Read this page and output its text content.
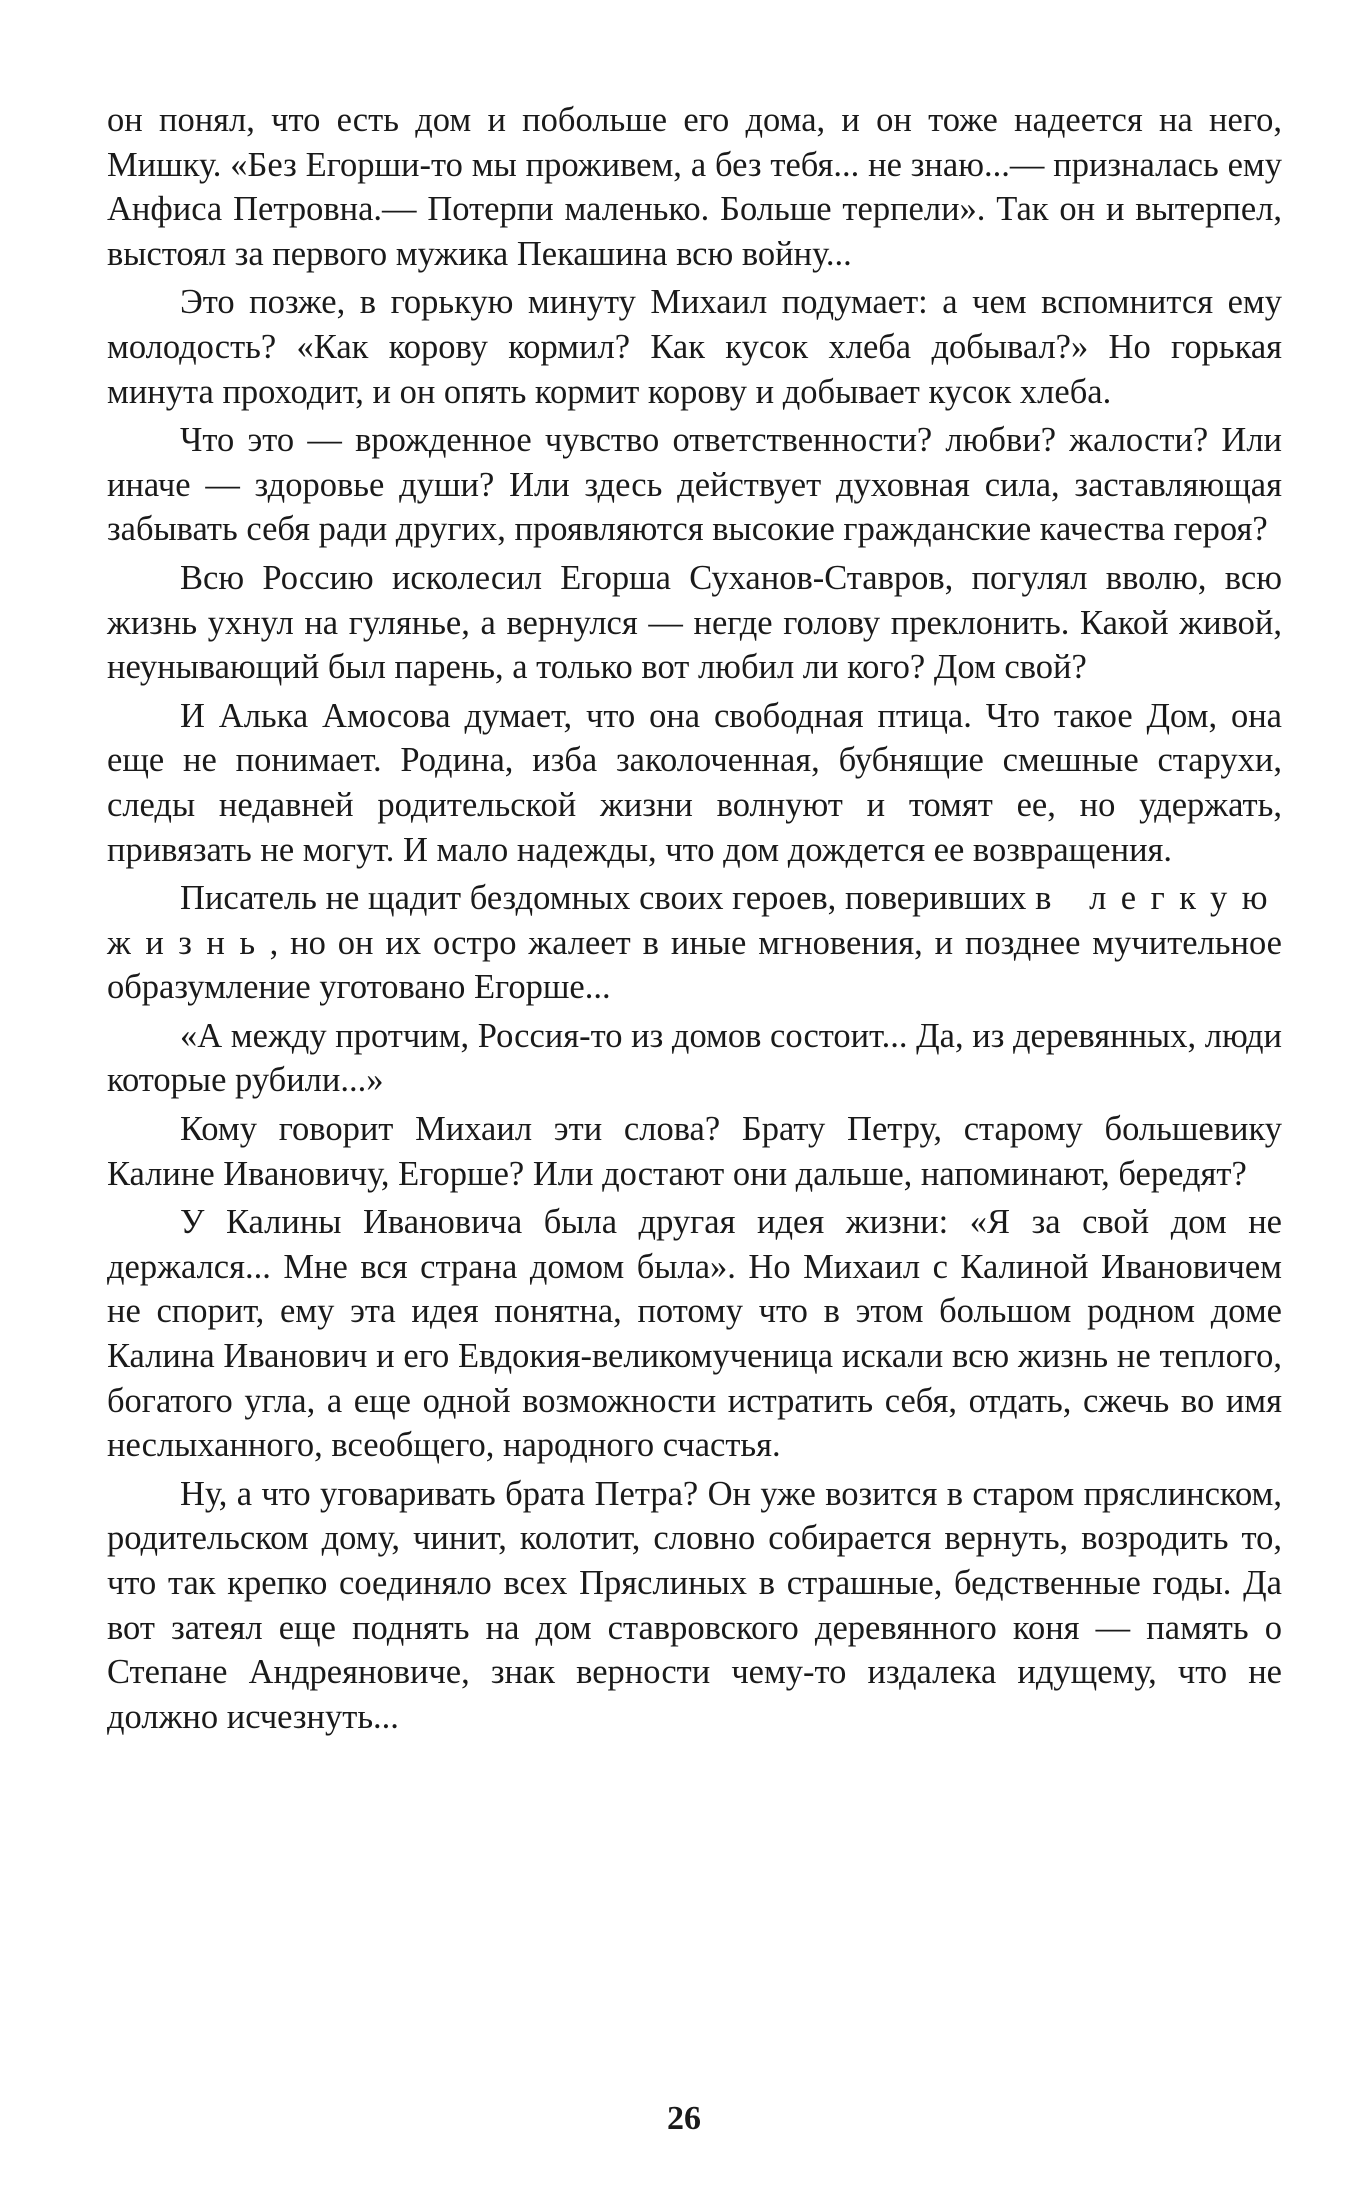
он понял, что есть дом и побольше его дома, и он тоже надеется на него, Мишку. «Без Егорши-то мы проживем, а без тебя... не знаю...— призналась ему Анфиса Петровна.— Потерпи маленько. Больше терпели». Так он и вытерпел, выстоял за первого мужика Пекашина всю войну...

Это позже, в горькую минуту Михаил подумает: а чем вспомнится ему молодость? «Как корову кормил? Как кусок хлеба добывал?» Но горькая минута проходит, и он опять кормит корову и добывает кусок хлеба.

Что это — врожденное чувство ответственности? любви? жалости? Или иначе — здоровье души? Или здесь действует духовная сила, заставляющая забывать себя ради других, проявляются высокие гражданские качества героя?

Всю Россию исколесил Егорша Суханов-Ставров, погулял вволю, всю жизнь ухнул на гулянье, а вернулся — негде голову преклонить. Какой живой, неунывающий был парень, а только вот любил ли кого? Дом свой?

И Алька Амосова думает, что она свободная птица. Что такое Дом, она еще не понимает. Родина, изба заколоченная, бубнящие смешные старухи, следы недавней родительской жизни волнуют и томят ее, но удержать, привязать не могут. И мало надежды, что дом дождется ее возвращения.

Писатель не щадит бездомных своих героев, поверивших в легкую жизнь, но он их остро жалеет в иные мгновения, и позднее мучительное образумление уготовано Егорше...

«А между протчим, Россия-то из домов состоит... Да, из деревянных, люди которые рубили...»

Кому говорит Михаил эти слова? Брату Петру, старому большевику Калине Ивановичу, Егорше? Или достают они дальше, напоминают, бередят?

У Калины Ивановича была другая идея жизни: «Я за свой дом не держался... Мне вся страна домом была». Но Михаил с Калиной Ивановичем не спорит, ему эта идея понятна, потому что в этом большом родном доме Калина Иванович и его Евдокия-великомученица искали всю жизнь не теплого, богатого угла, а еще одной возможности истратить себя, отдать, сжечь во имя неслыханного, всеобщего, народного счастья.

Ну, а что уговаривать брата Петра? Он уже возится в старом пряслинском, родительском дому, чинит, колотит, словно собирается вернуть, возродить то, что так крепко соединяло всех Пряслиных в страшные, бедственные годы. Да вот затеял еще поднять на дом ставровского деревянного коня — память о Степане Андреяновиче, знак верности чему-то издалека идущему, что не должно исчезнуть...

26
